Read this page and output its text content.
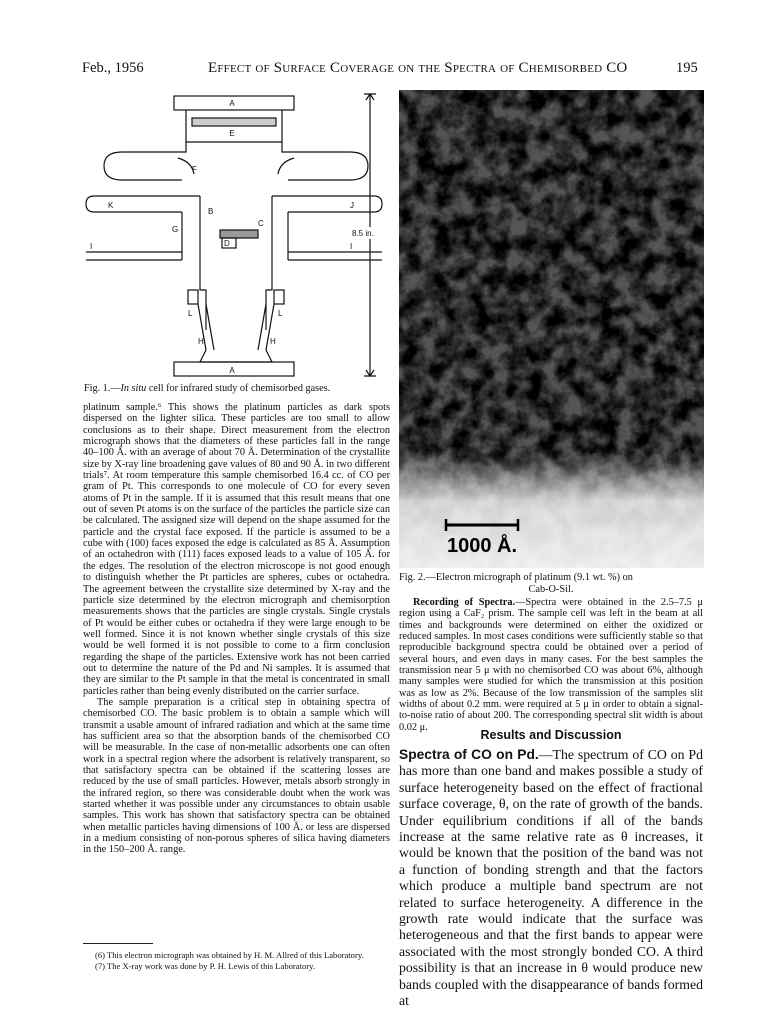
Feb., 1956	Effect of Surface Coverage on the Spectra of Chemisorbed CO	195
A
E
F
K	J
B
C
G
D
I	I
L	L
H	H
A
8.5 in.
Fig. 1.—In situ cell for infrared study of chemisorbed gases.

platinum sample.⁶ This shows the platinum particles as dark spots dispersed on the lighter silica. These particles are too small to allow conclusions as to their shape. Direct measurement from the electron micrograph shows that the diameters of these particles fall in the range 40–100 Å. with an average of about 70 Å. Determination of the crystallite size by X-ray line broadening gave values of 80 and 90 Å. in two different trials⁷. At room temperature this sample chemisorbed 16.4 cc. of CO per gram of Pt. This corresponds to one molecule of CO for every seven atoms of Pt in the sample. If it is assumed that this result means that one out of seven Pt atoms is on the surface of the particles the particle size can be calculated. The assigned size will depend on the shape assumed for the particle and the crystal face exposed. If the particle is assumed to be a cube with (100) faces exposed the edge is calculated as 85 Å. Assumption of an octahedron with (111) faces exposed leads to a value of 105 Å. for the edges. The resolution of the electron microscope is not good enough to distinguish whether the Pt particles are spheres, cubes or octahedra. The agreement between the crystallite size determined by X-ray and the particle size determined by the electron micrograph and chemisorption measurements shows that the particles are single crystals. Single crystals of Pt would be either cubes or octahedra if they were large enough to be well formed. Since it is not known whether single crystals of this size would be well formed it is not possible to come to a firm conclusion regarding the shape of the particles. Extensive work has not been carried out to determine the nature of the Pd and Ni samples. It is assumed that they are similar to the Pt sample in that the metal is concentrated in small particles rather than being evenly distributed on the carrier surface.

The sample preparation is a critical step in obtaining spectra of chemisorbed CO. The basic problem is to obtain a sample which will transmit a usable amount of infrared radiation and which at the same time has sufficient area so that the absorption bands of the chemisorbed CO will be measurable. In the case of non-metallic adsorbents one can often work in a spectral region where the adsorbent is relatively transparent, so that satisfactory spectra can be obtained if the scattering losses are reduced by the use of small particles. However, metals absorb strongly in the infrared region, so there was considerable doubt when the work was started whether it was possible under any circumstances to obtain usable samples. This work has shown that satisfactory spectra can be obtained when metallic particles having dimensions of 100 Å. or less are dispersed in a medium consisting of non-porous spheres of silica having diameters in the 150–200 Å. range.

(6) This electron micrograph was obtained by H. M. Allred of this Laboratory.

(7) The X-ray work was done by P. H. Lewis of this Laboratory.

1000 Å.
Fig. 2.—Electron micrograph of platinum (9.1 wt. %) on
Cab-O-Sil.

Recording of Spectra.—Spectra were obtained in the 2.5–7.5 μ region using a CaF₂ prism. The sample cell was left in the beam at all times and backgrounds were determined on either the oxidized or reduced samples. In most cases conditions were sufficiently stable so that reproducible background spectra could be obtained over a period of several hours, and even days in many cases. For the best samples the transmission near 5 μ with no chemisorbed CO was about 6%, although many samples were studied for which the transmission at this position was as low as 2%. Because of the low transmission of the samples slit widths of about 0.2 mm. were required at 5 μ in order to obtain a signal-to-noise ratio of about 200. The corresponding spectral slit width is about 0.02 μ.

Results and Discussion

Spectra of CO on Pd.—The spectrum of CO on Pd has more than one band and makes possible a study of surface heterogeneity based on the effect of fractional surface coverage, θ, on the rate of growth of the bands. Under equilibrium conditions if all of the bands increase at the same relative rate as θ increases, it would be known that the position of the band was not a function of bonding strength and that the factors which produce a multiple band spectrum are not related to surface heterogeneity. A difference in the growth rate would indicate that the surface was heterogeneous and that the first bands to appear were associated with the most strongly bonded CO. A third possibility is that an increase in θ would produce new bands coupled with the disappearance of bands formed at
